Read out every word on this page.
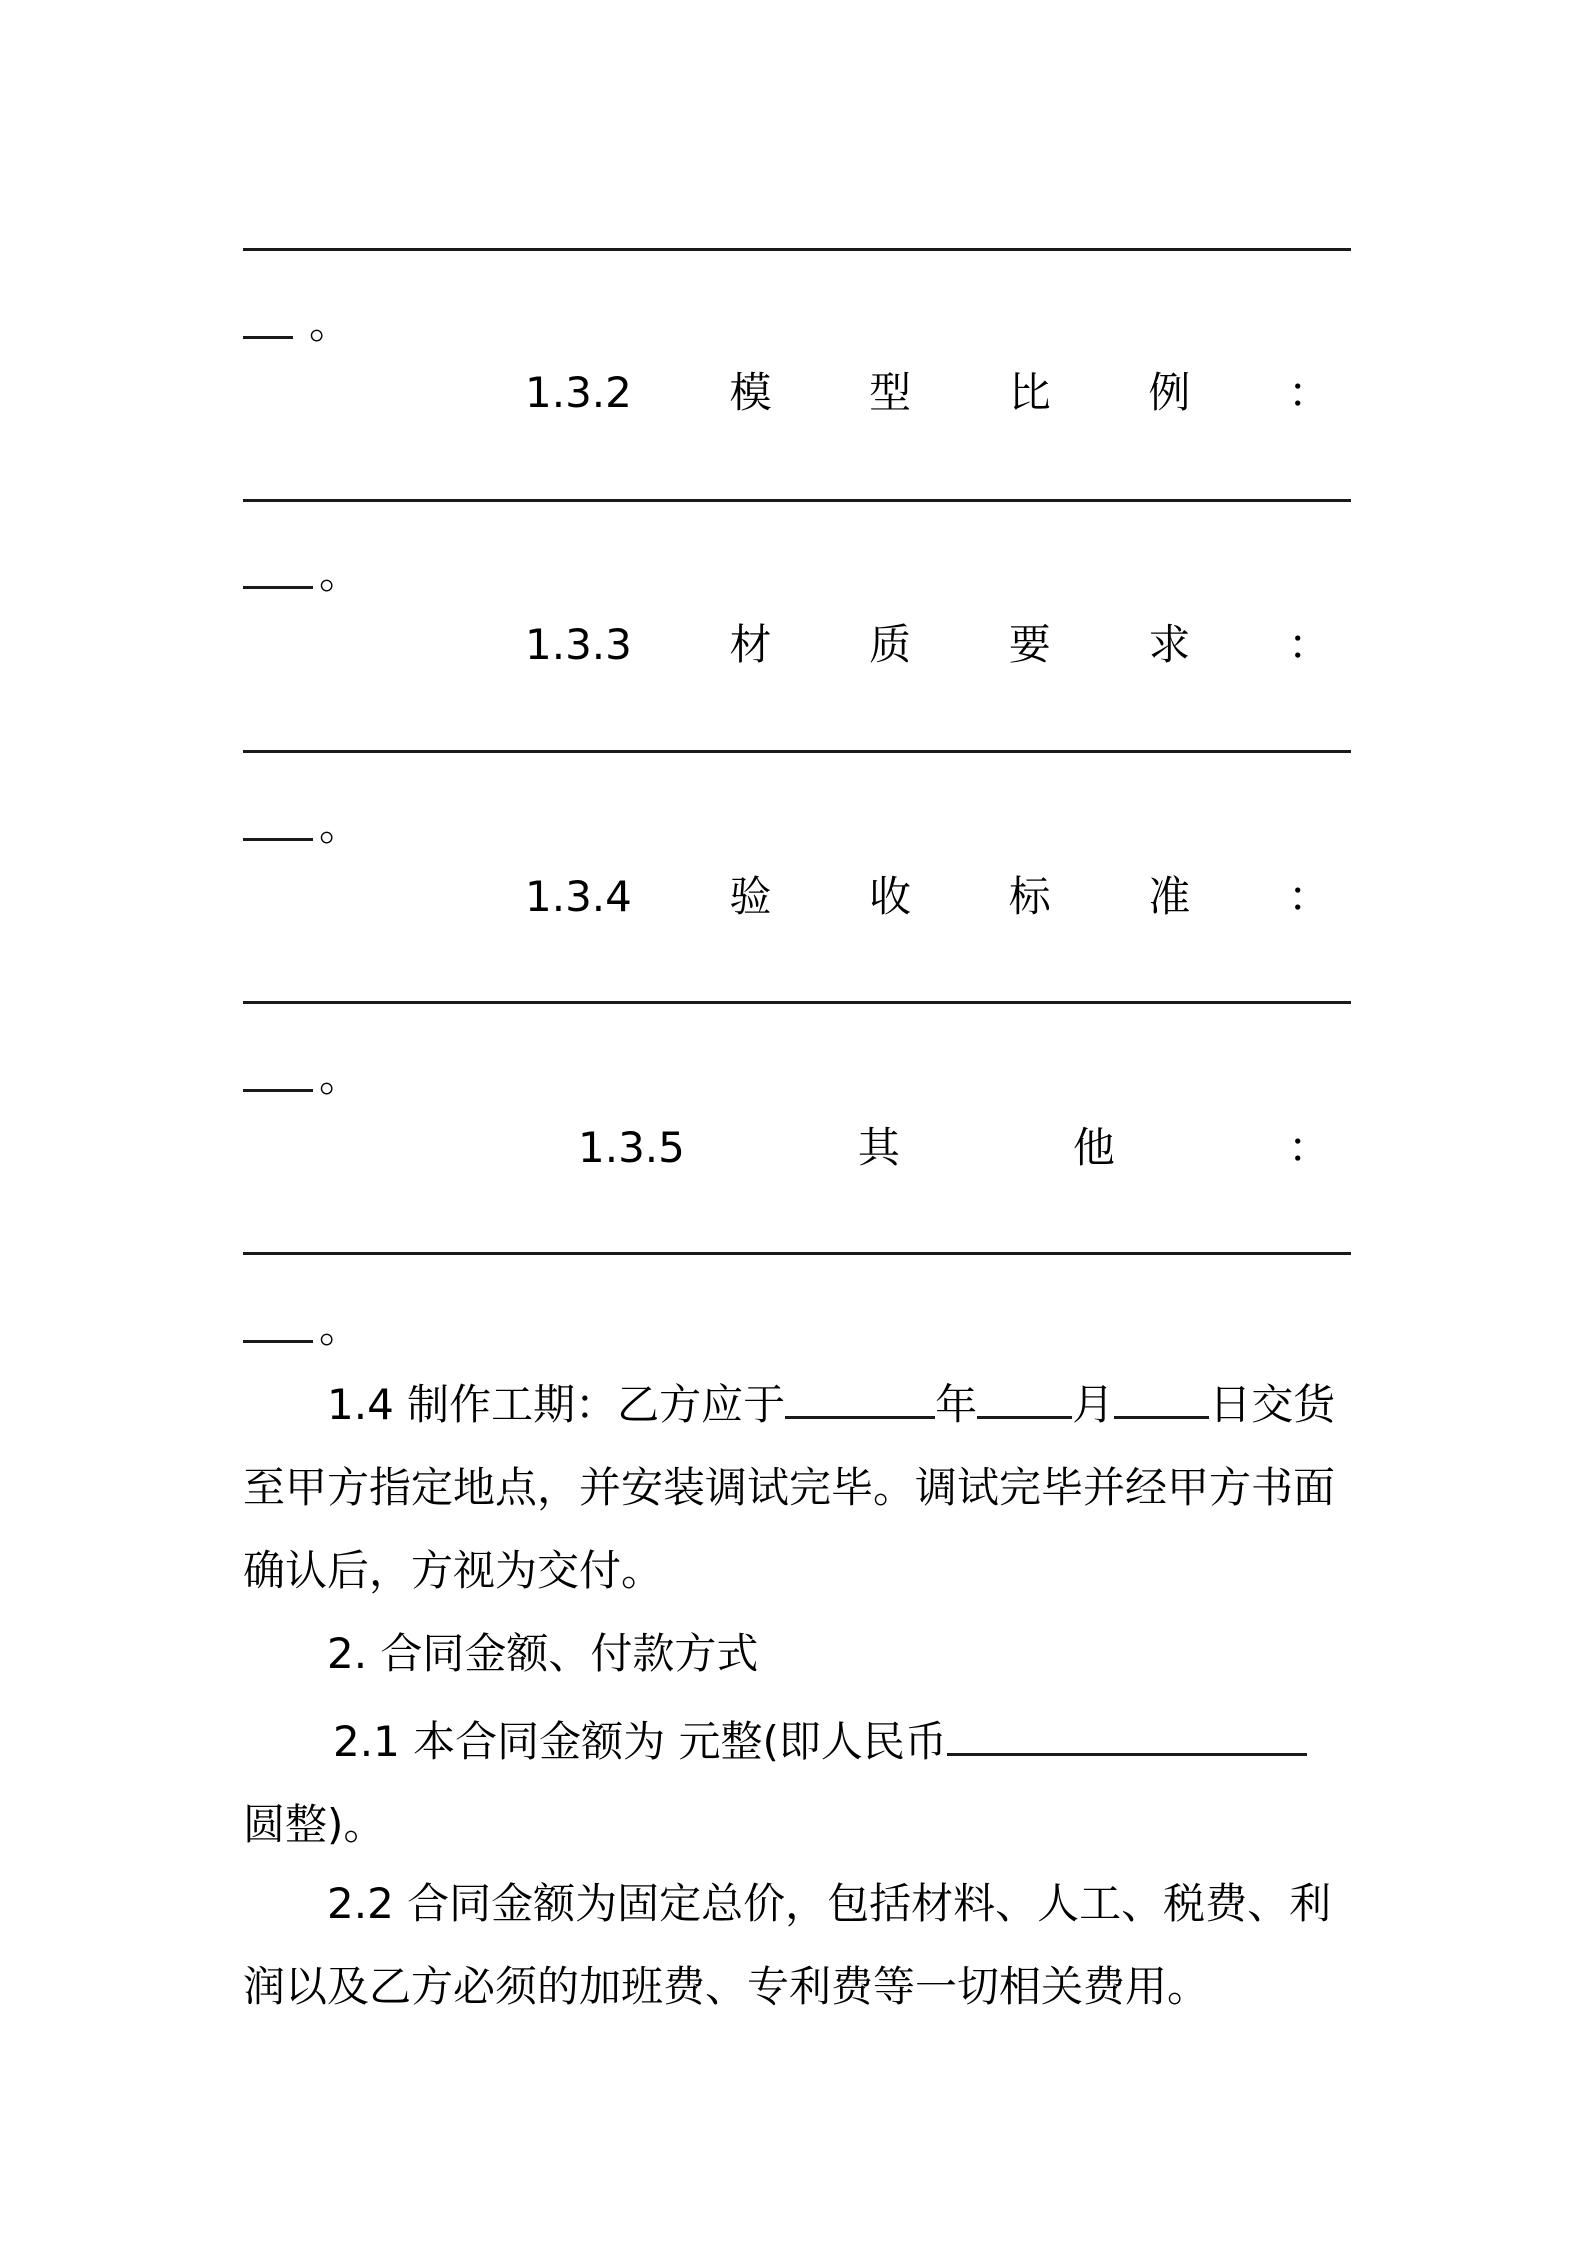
。
1.3.2 模 型 比 例 ：
。
1.3.3 材 质 要 求 ：
。
1.3.4 验 收 标 准 ：
。
1.3.5	其	他	：
。
1.4 制作工期：乙方应于	年 月 日交货
至甲方指定地点，并安装调试完毕。调试完毕并经甲方书面
确认后，方视为交付。
2. 合同金额、付款方式
2.1 本合同金额为 元整(即人民币
圆整)。
2.2 合同金额为固定总价，包括材料、人工、税费、利
润以及乙方必须的加班费、专利费等一切相关费用。
